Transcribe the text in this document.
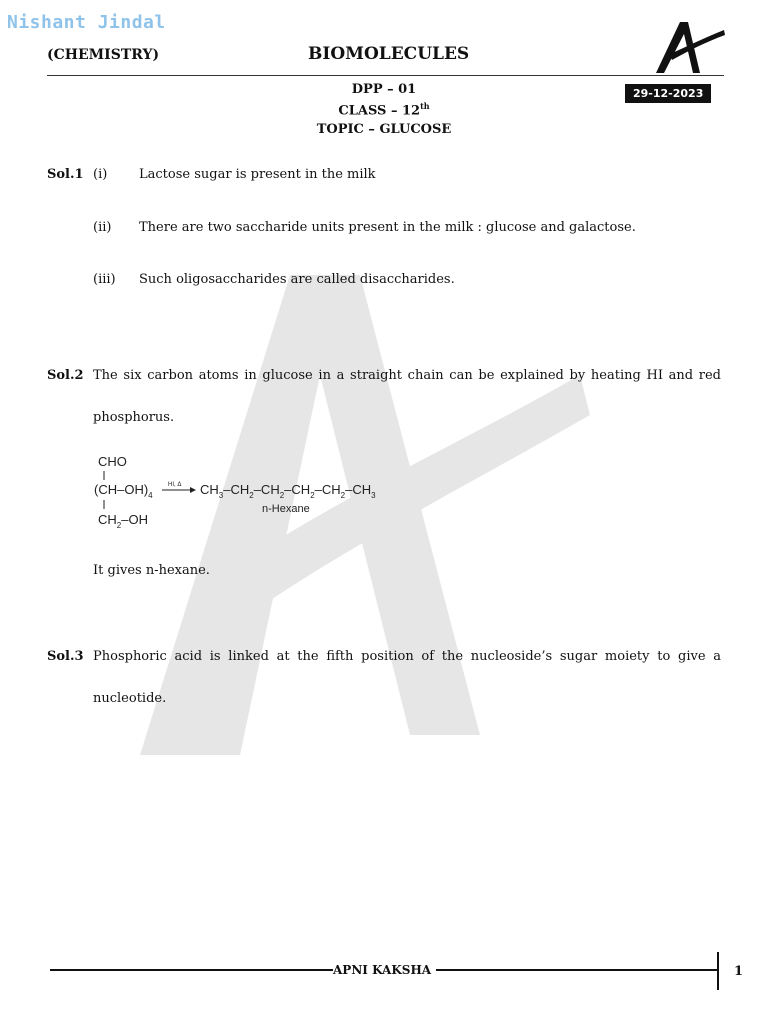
Nishant Jindal
(CHEMISTRY)	BIOMOLECULES
29-12-2023
DPP – 01
CLASS – 12th
TOPIC – GLUCOSE
Sol.1 (i) Lactose sugar is present in the milk
(ii) There are two saccharide units present in the milk : glucose and galactose.
(iii) Such oligosaccharides are called disaccharides.
Sol.2 The six carbon atoms in glucose in a straight chain can be explained by heating HI and red
phosphorus.
CHO
$(CH-OH)_4$
$CH_2-OH$
HI, Δ $CH_3-CH_2-CH_2-CH_2-CH_2-CH_3$
n-Hexane
It gives n-hexane.
Sol.3 Phosphoric acid is linked at the fifth position of the nucleoside’s sugar moiety to give a
nucleotide.
APNI KAKSHA	1
